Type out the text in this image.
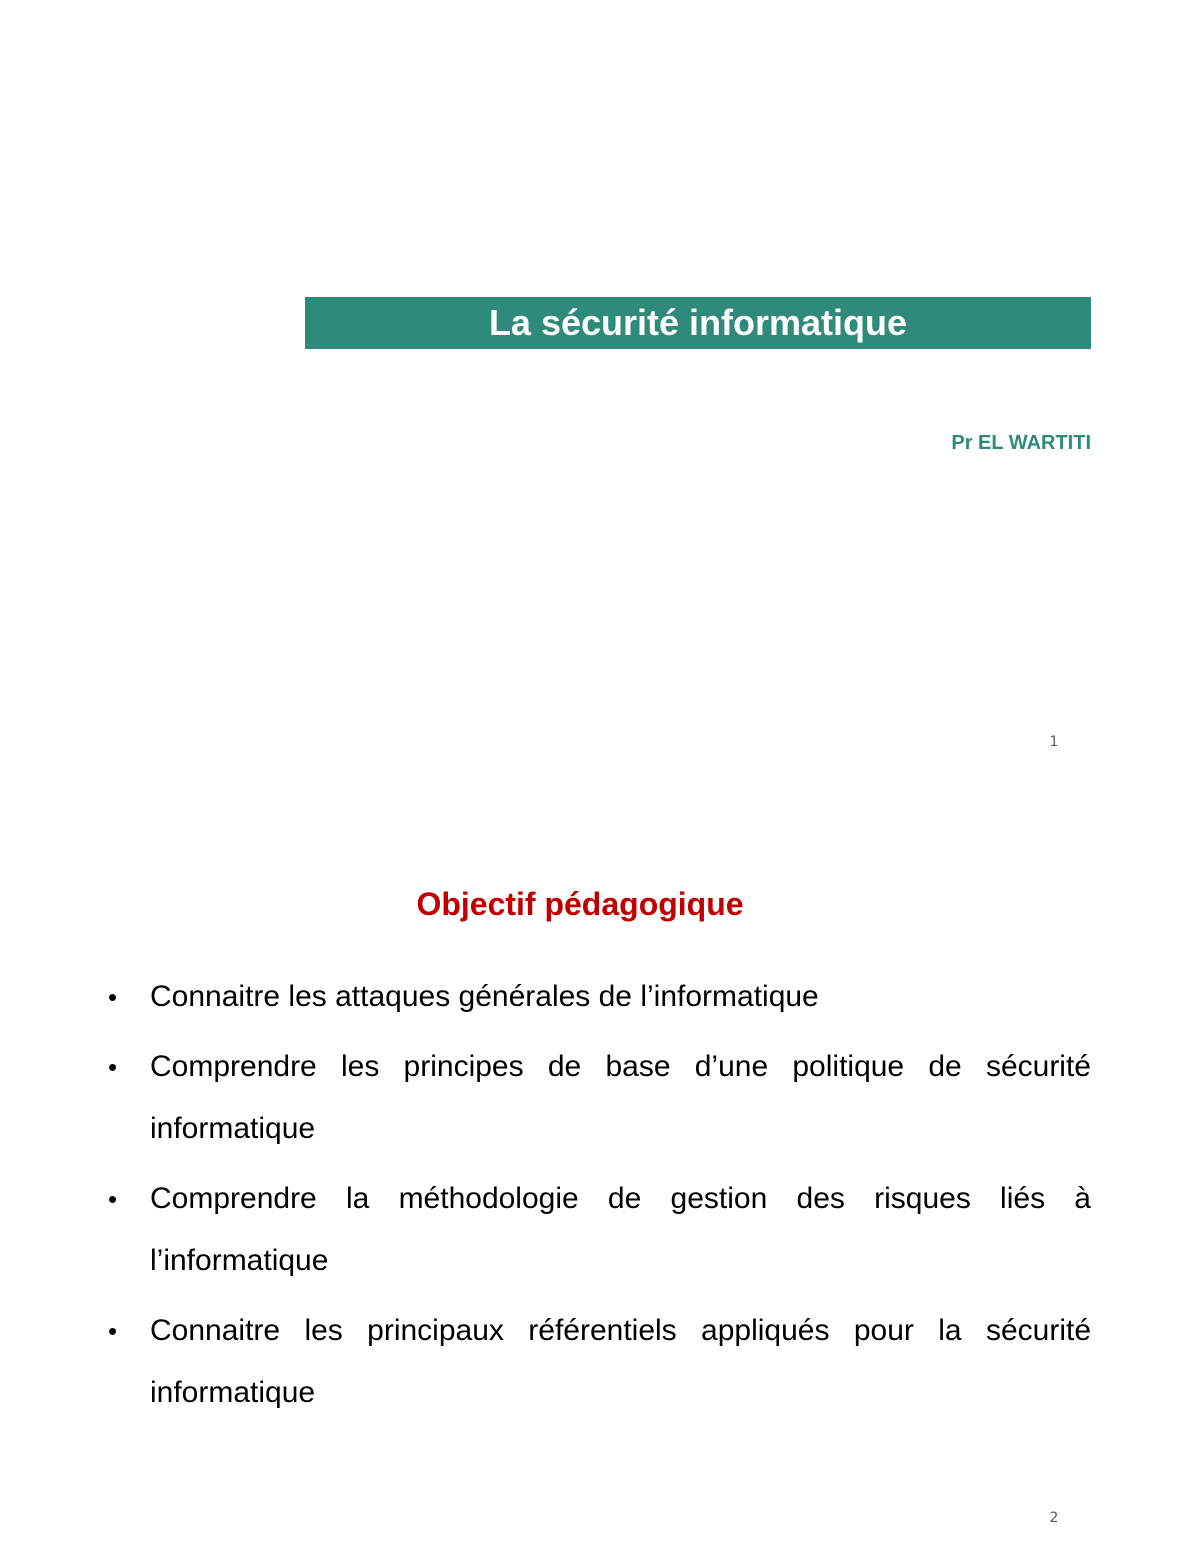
La sécurité informatique
Pr EL WARTITI
1
Objectif pédagogique
• Connaitre les attaques générales de l’informatique
• Comprendre les principes de base d’une politique de sécurité informatique
• Comprendre la méthodologie de gestion des risques liés à l’informatique
• Connaitre les principaux référentiels appliqués pour la sécurité informatique
2
